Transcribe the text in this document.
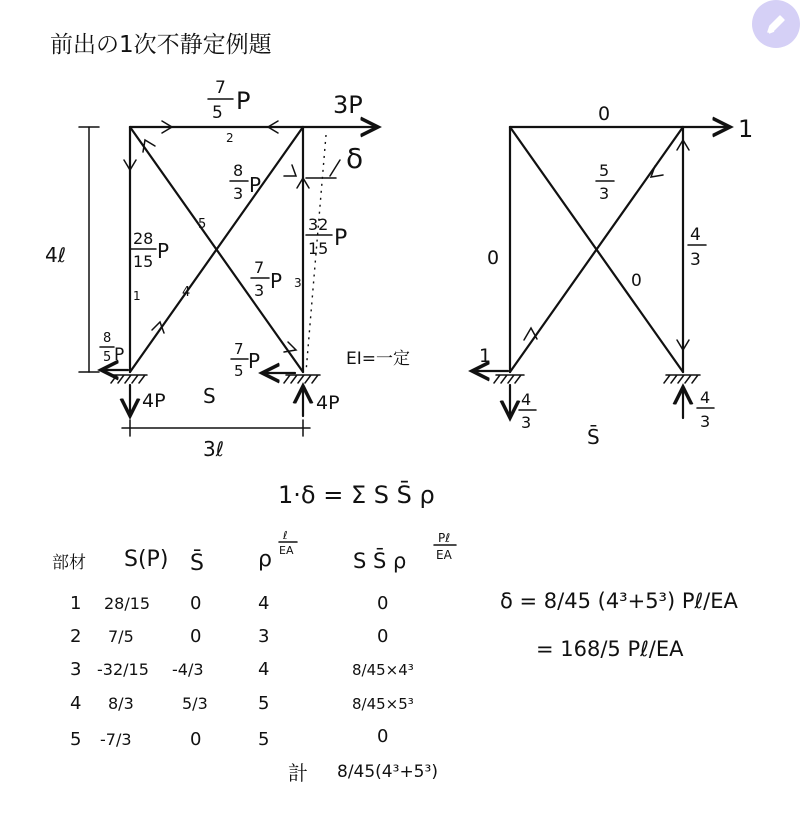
前出の1次不静定例題
3P
δ
4ℓ
3ℓ
7
5 P
2
5
4
1
3
8
3 P
7
3 P
28
15 P
32
15 P
8
5 P	7
5 P
4P	4P
S
EI=一定
1
0
5
3
0
0
4
3
1
4
3
4
3
S̄
1·δ = Σ S S̄ ρ
部材 S(P) S̄ ρ
ℓ
EA	S S̄ ρ
Pℓ
EA
1 28/15 0	4	0
2 7/5	0	3	0
3 -32/15 -4/3	4	8/45×4³
4 8/3	5/3	5	8/45×5³
5 -7/3	0	5	0
計 8/45(4³+5³)
δ = 8/45 (4³+5³) Pℓ/EA
= 168/5 Pℓ/EA
